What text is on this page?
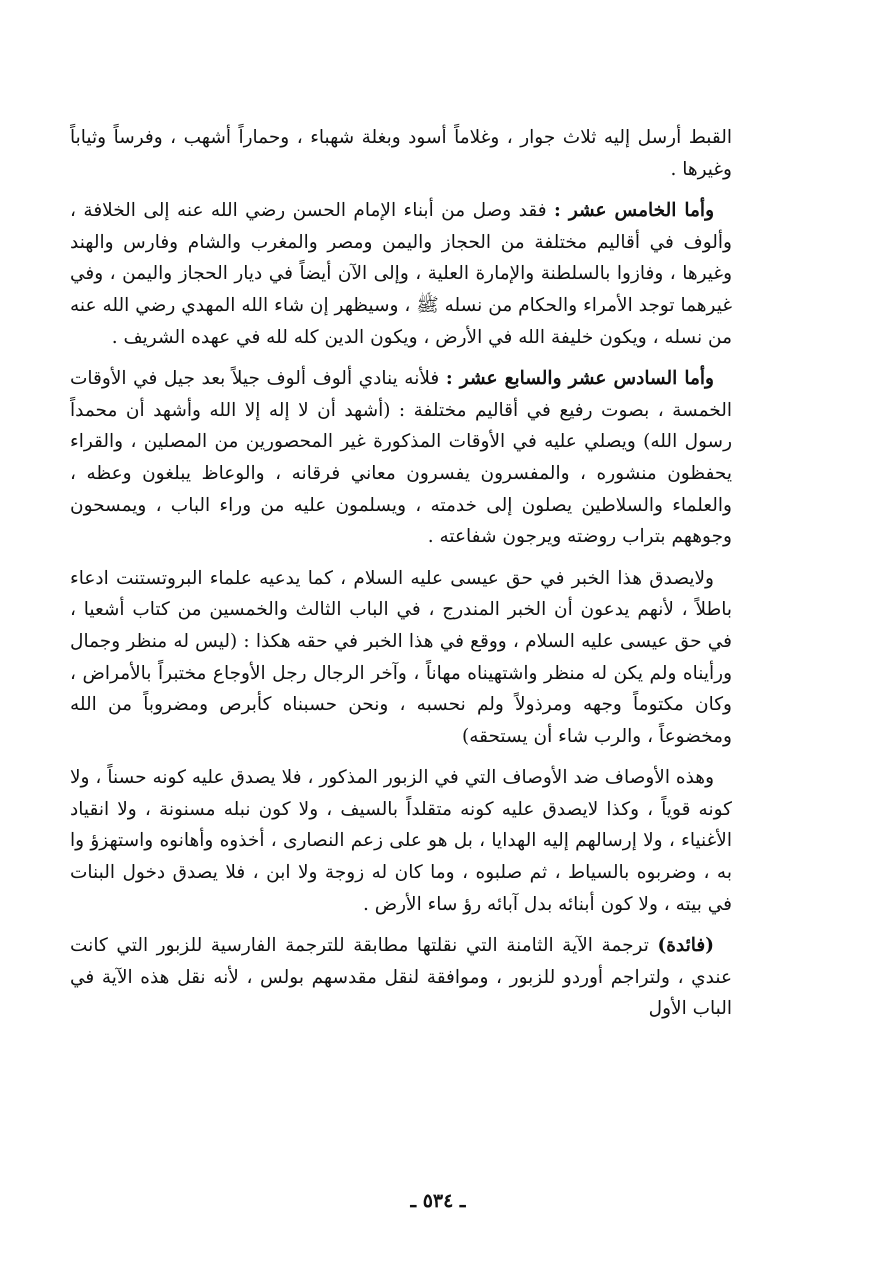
القبط أرسل إليه ثلاث جوار ، وغلاماً أسود وبغلة شهباء ، وحماراً أشهب ، وفرساً وثياباً وغيرها .

وأما الخامس عشر : فقد وصل من أبناء الإمام الحسن رضي الله عنه إلى الخلافة ، وألوف في أقاليم مختلفة من الحجاز واليمن ومصر والمغرب والشام وفارس والهند وغيرها ، وفازوا بالسلطنة والإمارة العلية ، وإلى الآن أيضاً في ديار الحجاز واليمن ، وفي غيرهما توجد الأمراء والحكام من نسله ﷺ ، وسيظهر إن شاء الله المهدي رضي الله عنه من نسله ، ويكون خليفة الله في الأرض ، ويكون الدين كله لله في عهده الشريف .

وأما السادس عشر والسابع عشر : فلأنه ينادي ألوف ألوف جيلاً بعد جيل في الأوقات الخمسة ، بصوت رفيع في أقاليم مختلفة : (أشهد أن لا إله إلا الله وأشهد أن محمداً رسول الله) ويصلي عليه في الأوقات المذكورة غير المحصورين من المصلين ، والقراء يحفظون منشوره ، والمفسرون يفسرون معاني فرقانه ، والوعاظ يبلغون وعظه ، والعلماء والسلاطين يصلون إلى خدمته ، ويسلمون عليه من وراء الباب ، ويمسحون وجوههم بتراب روضته ويرجون شفاعته .

ولايصدق هذا الخبر في حق عيسى عليه السلام ، كما يدعيه علماء البروتستنت ادعاء باطلاً ، لأنهم يدعون أن الخبر المندرج ، في الباب الثالث والخمسين من كتاب أشعيا ، في حق عيسى عليه السلام ، ووقع في هذا الخبر في حقه هكذا : (ليس له منظر وجمال ورأيناه ولم يكن له منظر واشتهيناه مهاناً ، وآخر الرجال رجل الأوجاع مختبراً بالأمراض ، وكان مكتوماً وجهه ومرذولاً ولم نحسبه ، ونحن حسبناه كأبرص ومضروباً من الله ومخضوعاً ، والرب شاء أن يستحقه)

وهذه الأوصاف ضد الأوصاف التي في الزبور المذكور ، فلا يصدق عليه كونه حسناً ، ولا كونه قوياً ، وكذا لايصدق عليه كونه متقلداً بالسيف ، ولا كون نبله مسنونة ، ولا انقياد الأغنياء ، ولا إرسالهم إليه الهدايا ، بل هو على زعم النصارى ، أخذوه وأهانوه واستهزؤ وا به ، وضربوه بالسياط ، ثم صلبوه ، وما كان له زوجة ولا ابن ، فلا يصدق دخول البنات في بيته ، ولا كون أبنائه بدل آبائه رؤ ساء الأرض .

(فائدة) ترجمة الآية الثامنة التي نقلتها مطابقة للترجمة الفارسية للزبور التي كانت عندي ، ولتراجم أوردو للزبور ، وموافقة لنقل مقدسهم بولس ، لأنه نقل هذه الآية في الباب الأول

ـ ٥٣٤ ـ
